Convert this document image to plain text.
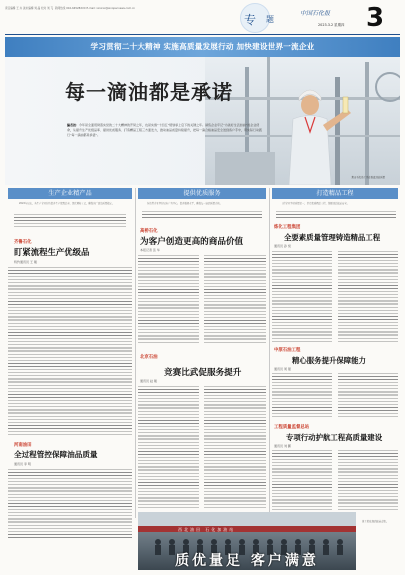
责任编辑 王 卉 美术编辑 刘 晶 校对 刘 飞 新闻热线 010-64528XXX E-mail: xxxxxx@sinopecnews.com.cn
2023.3.2 星期四
专 题
中国石化报 3
学习贯彻二十大精神 实施高质量发展行动 加快建设世界一流企业
每一滴油都是承诺
编者按：今年是全面贯彻落实党的二十大精神的开局之年，也是实施“十四五”规划承上启下的关键之年。销售企业牢记“为美好生活加油”的企业使命，从提升生产优级品率、提供优质服务、打造精品工程三方面发力，推动油品质量持续提升，把每一滴合格油品安全送到客户手中，用实际行动践行“每一滴油都是承诺”。
燕山石化员工正在检查油品质量
生产企业精产品	提供优质服务	打造精品工程
2022年以来，各生产企业持续提升生产优级品率，优化调和工艺，确保出厂油品质量稳定。
齐鲁石化
盯紧流程生产优级品
特约通讯员 王 刚
河南油田
全过程管控保障油品质量
通讯员 李 明
各销售企业坚持以客户为中心，提升服务水平，确保每一滴油质量合格。
高桥石化
为客户创造更高的商品价值
本报记者 张 华
北京石油
竞赛比武促服务提升
通讯员 赵 刚
工程企业坚持质量第一，打造优质精品工程，保障油品储运安全。
炼化工程集团
全要素质量管理铸造精品工程
通讯员 孙 悦
中原石油工程
精心服务提升保障能力
通讯员 周 强
工程质量监督总站
专项行动护航工程高质量建设
通讯员 刘 鹏
西北油田 石化加油站
质优量足 客户满意
员工们在加油站前合影。
